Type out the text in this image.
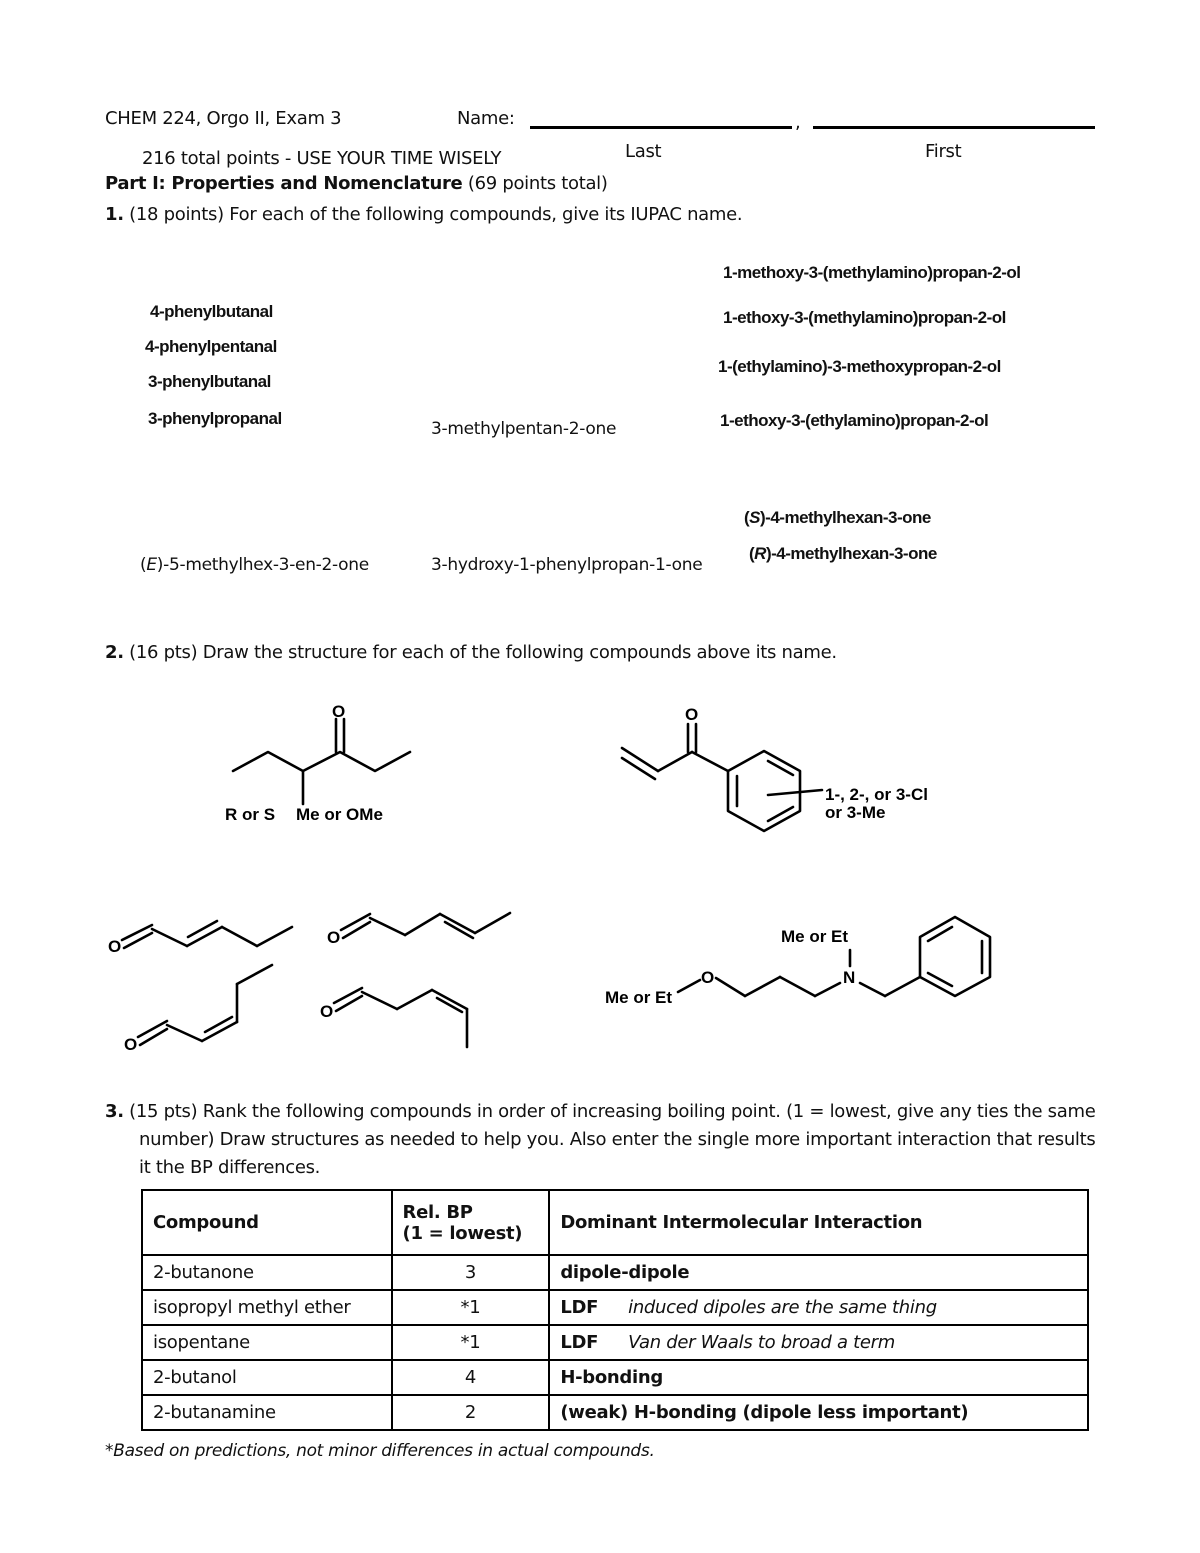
CHEM 224, Orgo II, Exam 3	Name:	,
Last	First
216 total points - USE YOUR TIME WISELY
Part I: Properties and Nomenclature (69 points total)
1. (18 points) For each of the following compounds, give its IUPAC name.
4-phenylbutanal
4-phenylpentanal
3-phenylbutanal
3-phenylpropanal
3-methylpentan-2-one
1-methoxy-3-(methylamino)propan-2-ol
1-ethoxy-3-(methylamino)propan-2-ol
1-(ethylamino)-3-methoxypropan-2-ol
1-ethoxy-3-(ethylamino)propan-2-ol
(E)-5-methylhex-3-en-2-one	3-hydroxy-1-phenylpropan-1-one
(S)-4-methylhexan-3-one
(R)-4-methylhexan-3-one
2. (16 pts) Draw the structure for each of the following compounds above its name.
O
R or S Me or OMe
O
1-, 2-, or 3-Cl
or 3-Me
O	O
O
O
Me or Et
O	N
Me or Et
3. (15 pts) Rank the following compounds in order of increasing boiling point. (1 = lowest, give any ties the same
number) Draw structures as needed to help you. Also enter the single more important interaction that results
it the BP differences.
Compound	Rel. BP
(1 = lowest)	Dominant Intermolecular Interaction
2-butanone	3	dipole-dipole
isopropyl methyl ether	*1	LDF induced dipoles are the same thing
isopentane	*1	LDF Van der Waals to broad a term
2-butanol	4	H-bonding
2-butanamine	2	(weak) H-bonding (dipole less important)
*Based on predictions, not minor differences in actual compounds.
